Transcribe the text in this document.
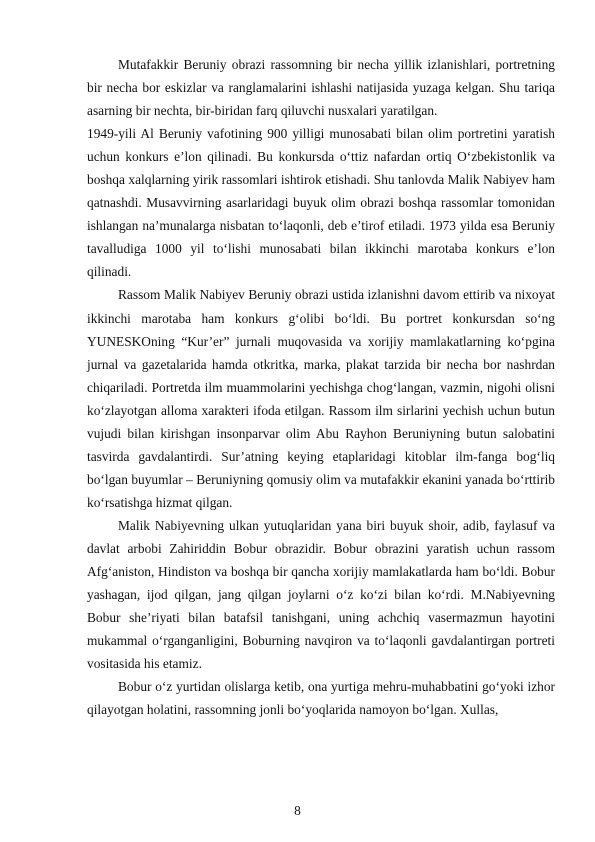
Mutafakkir Beruniy obrazi rassomning bir necha yillik izlanishlari, portretning bir necha bor eskizlar va ranglamalarini ishlashi natijasida yuzaga kelgan. Shu tariqa asarning bir nechta, bir-biridan farq qiluvchi nusxalari yaratilgan.

1949-yili Al Beruniy vafotining 900 yilligi munosabati bilan olim portretini yaratish uchun konkurs e’lon qilinadi. Bu konkursda o‘ttiz nafardan ortiq O‘zbekistonlik va boshqa xalqlarning yirik rassomlari ishtirok etishadi. Shu tanlovda Malik Nabiyev ham qatnashdi. Musavvirning asarlaridagi buyuk olim obrazi boshqa rassomlar tomonidan ishlangan na’munalarga nisbatan to‘laqonli, deb e’tirof etiladi. 1973 yilda esa Beruniy tavalludiga 1000 yil to‘lishi munosabati bilan ikkinchi marotaba konkurs e’lon qilinadi.

Rassom Malik Nabiyev Beruniy obrazi ustida izlanishni davom ettirib va nixoyat ikkinchi marotaba ham konkurs g‘olibi bo‘ldi. Bu portret konkursdan so‘ng YUNESKOning “Kur’er” jurnali muqovasida va xorijiy mamlakatlarning ko‘pgina jurnal va gazetalarida hamda otkritka, marka, plakat tarzida bir necha bor nashrdan chiqariladi. Portretda ilm muammolarini yechishga chog‘langan, vazmin, nigohi olisni ko‘zlayotgan alloma xarakteri ifoda etilgan. Rassom ilm sirlarini yechish uchun butun vujudi bilan kirishgan insonparvar olim Abu Rayhon Beruniyning butun salobatini tasvirda gavdalantirdi. Sur’atning keying etaplaridagi kitoblar ilm-fanga bog‘liq bo‘lgan buyumlar – Beruniyning qomusiy olim va mutafakkir ekanini yanada bo‘rttirib ko‘rsatishga hizmat qilgan.

Malik Nabiyevning ulkan yutuqlaridan yana biri buyuk shoir, adib, faylasuf va davlat arbobi Zahiriddin Bobur obrazidir. Bobur obrazini yaratish uchun rassom Afg‘aniston, Hindiston va boshqa bir qancha xorijiy mamlakatlarda ham bo‘ldi. Bobur yashagan, ijod qilgan, jang qilgan joylarni o‘z ko‘zi bilan ko‘rdi. M.Nabiyevning Bobur she’riyati bilan batafsil tanishgani, uning achchiq vasermazmun hayotini mukammal o‘rganganligini, Boburning navqiron va to‘laqonli gavdalantirgan portreti vositasida his etamiz.

Bobur o‘z yurtidan olislarga ketib, ona yurtiga mehru-muhabbatini go‘yoki izhor qilayotgan holatini, rassomning jonli bo‘yoqlarida namoyon bo‘lgan. Xullas,

8
